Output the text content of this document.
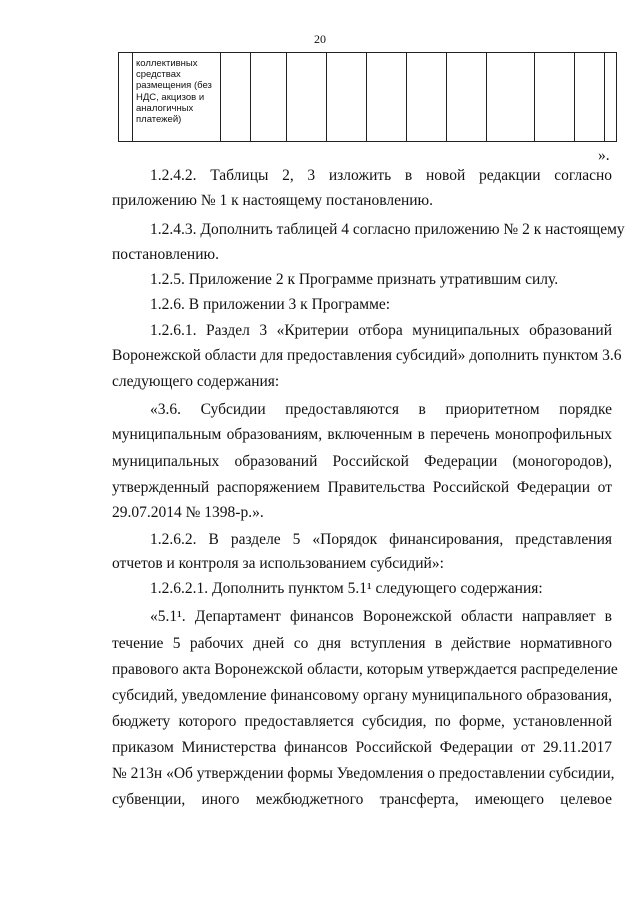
20

коллективных
средствах
размещения (без
НДС, акцизов и
аналогичных
платежей)

».
1.2.4.2. Таблицы 2, 3 изложить в новой редакции согласно
приложению № 1 к настоящему постановлению.
1.2.4.3. Дополнить таблицей 4 согласно приложению № 2 к настоящему
постановлению.
1.2.5. Приложение 2 к Программе признать утратившим силу.
1.2.6. В приложении 3 к Программе:
1.2.6.1. Раздел 3 «Критерии отбора муниципальных образований
Воронежской области для предоставления субсидий» дополнить пунктом 3.6
следующего содержания:
«3.6. Субсидии предоставляются в приоритетном порядке
муниципальным образованиям, включенным в перечень монопрофильных
муниципальных образований Российской Федерации (моногородов),
утвержденный распоряжением Правительства Российской Федерации от
29.07.2014 № 1398-р.».
1.2.6.2. В разделе 5 «Порядок финансирования, представления
отчетов и контроля за использованием субсидий»:
1.2.6.2.1. Дополнить пунктом 5.1¹ следующего содержания:
«5.1¹. Департамент финансов Воронежской области направляет в
течение 5 рабочих дней со дня вступления в действие нормативного
правового акта Воронежской области, которым утверждается распределение
субсидий, уведомление финансовому органу муниципального образования,
бюджету которого предоставляется субсидия, по форме, установленной
приказом Министерства финансов Российской Федерации от 29.11.2017
№ 213н «Об утверждении формы Уведомления о предоставлении субсидии,
субвенции, иного межбюджетного трансферта, имеющего целевое
